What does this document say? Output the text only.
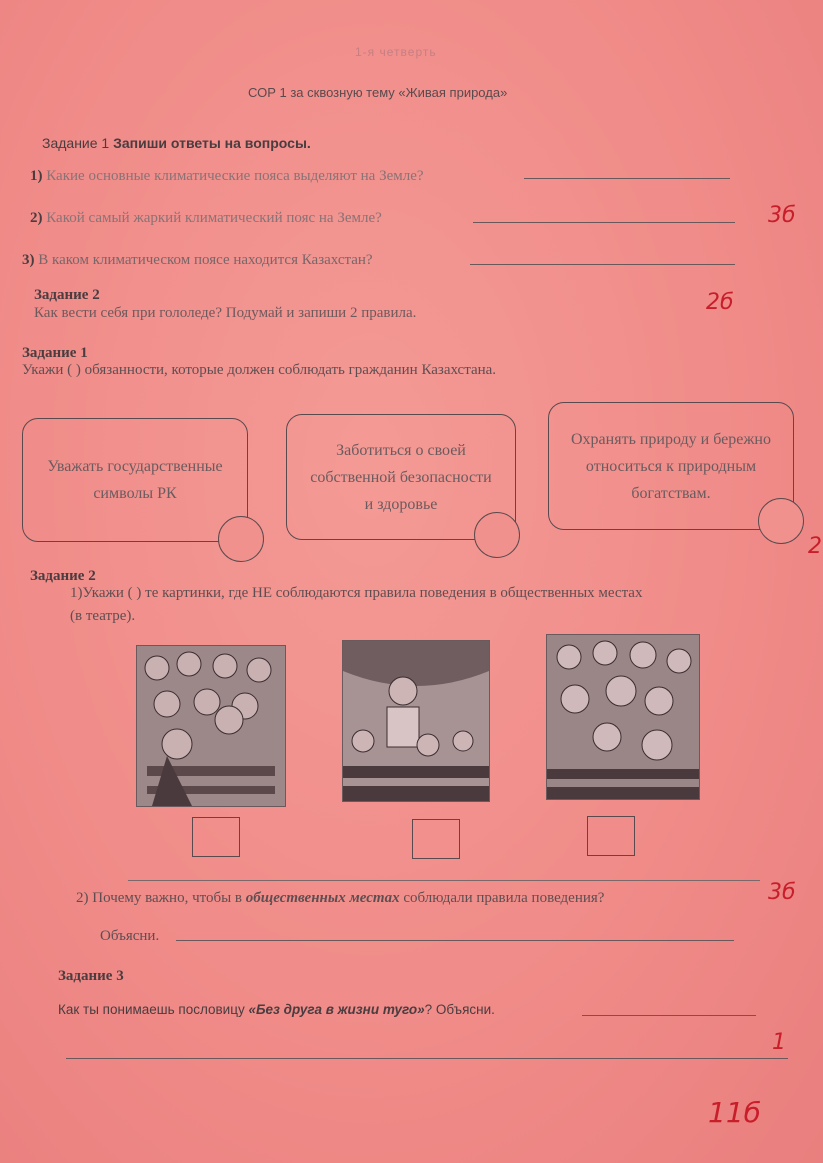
1-я четверть
СОР 1 за сквозную тему «Живая природа»
Задание 1 Запиши ответы на вопросы.
1) Какие основные климатические пояса выделяют на Земле?
2) Какой самый жаркий климатический пояс на Земле?
3) В каком климатическом поясе находится Казахстан?
3б
Задание 2
Как вести себя при гололеде? Подумай и запиши 2 правила.	2б
Задание 1
Укажи ( ) обязанности, которые должен соблюдать гражданин Казахстана.
Уважать государственные символы РК
Заботиться о своей собственной безопасности и здоровье
Охранять природу и бережно относиться к природным богатствам.
2
Задание 2
1)Укажи ( ) те картинки, где НЕ соблюдаются правила поведения в общественных местах
(в театре).
2) Почему важно, чтобы в общественных местах соблюдали правила поведения?
Объясни.
3б
Задание 3
Как ты понимаешь пословицу «Без друга в жизни туго»? Объясни.
1
11б
